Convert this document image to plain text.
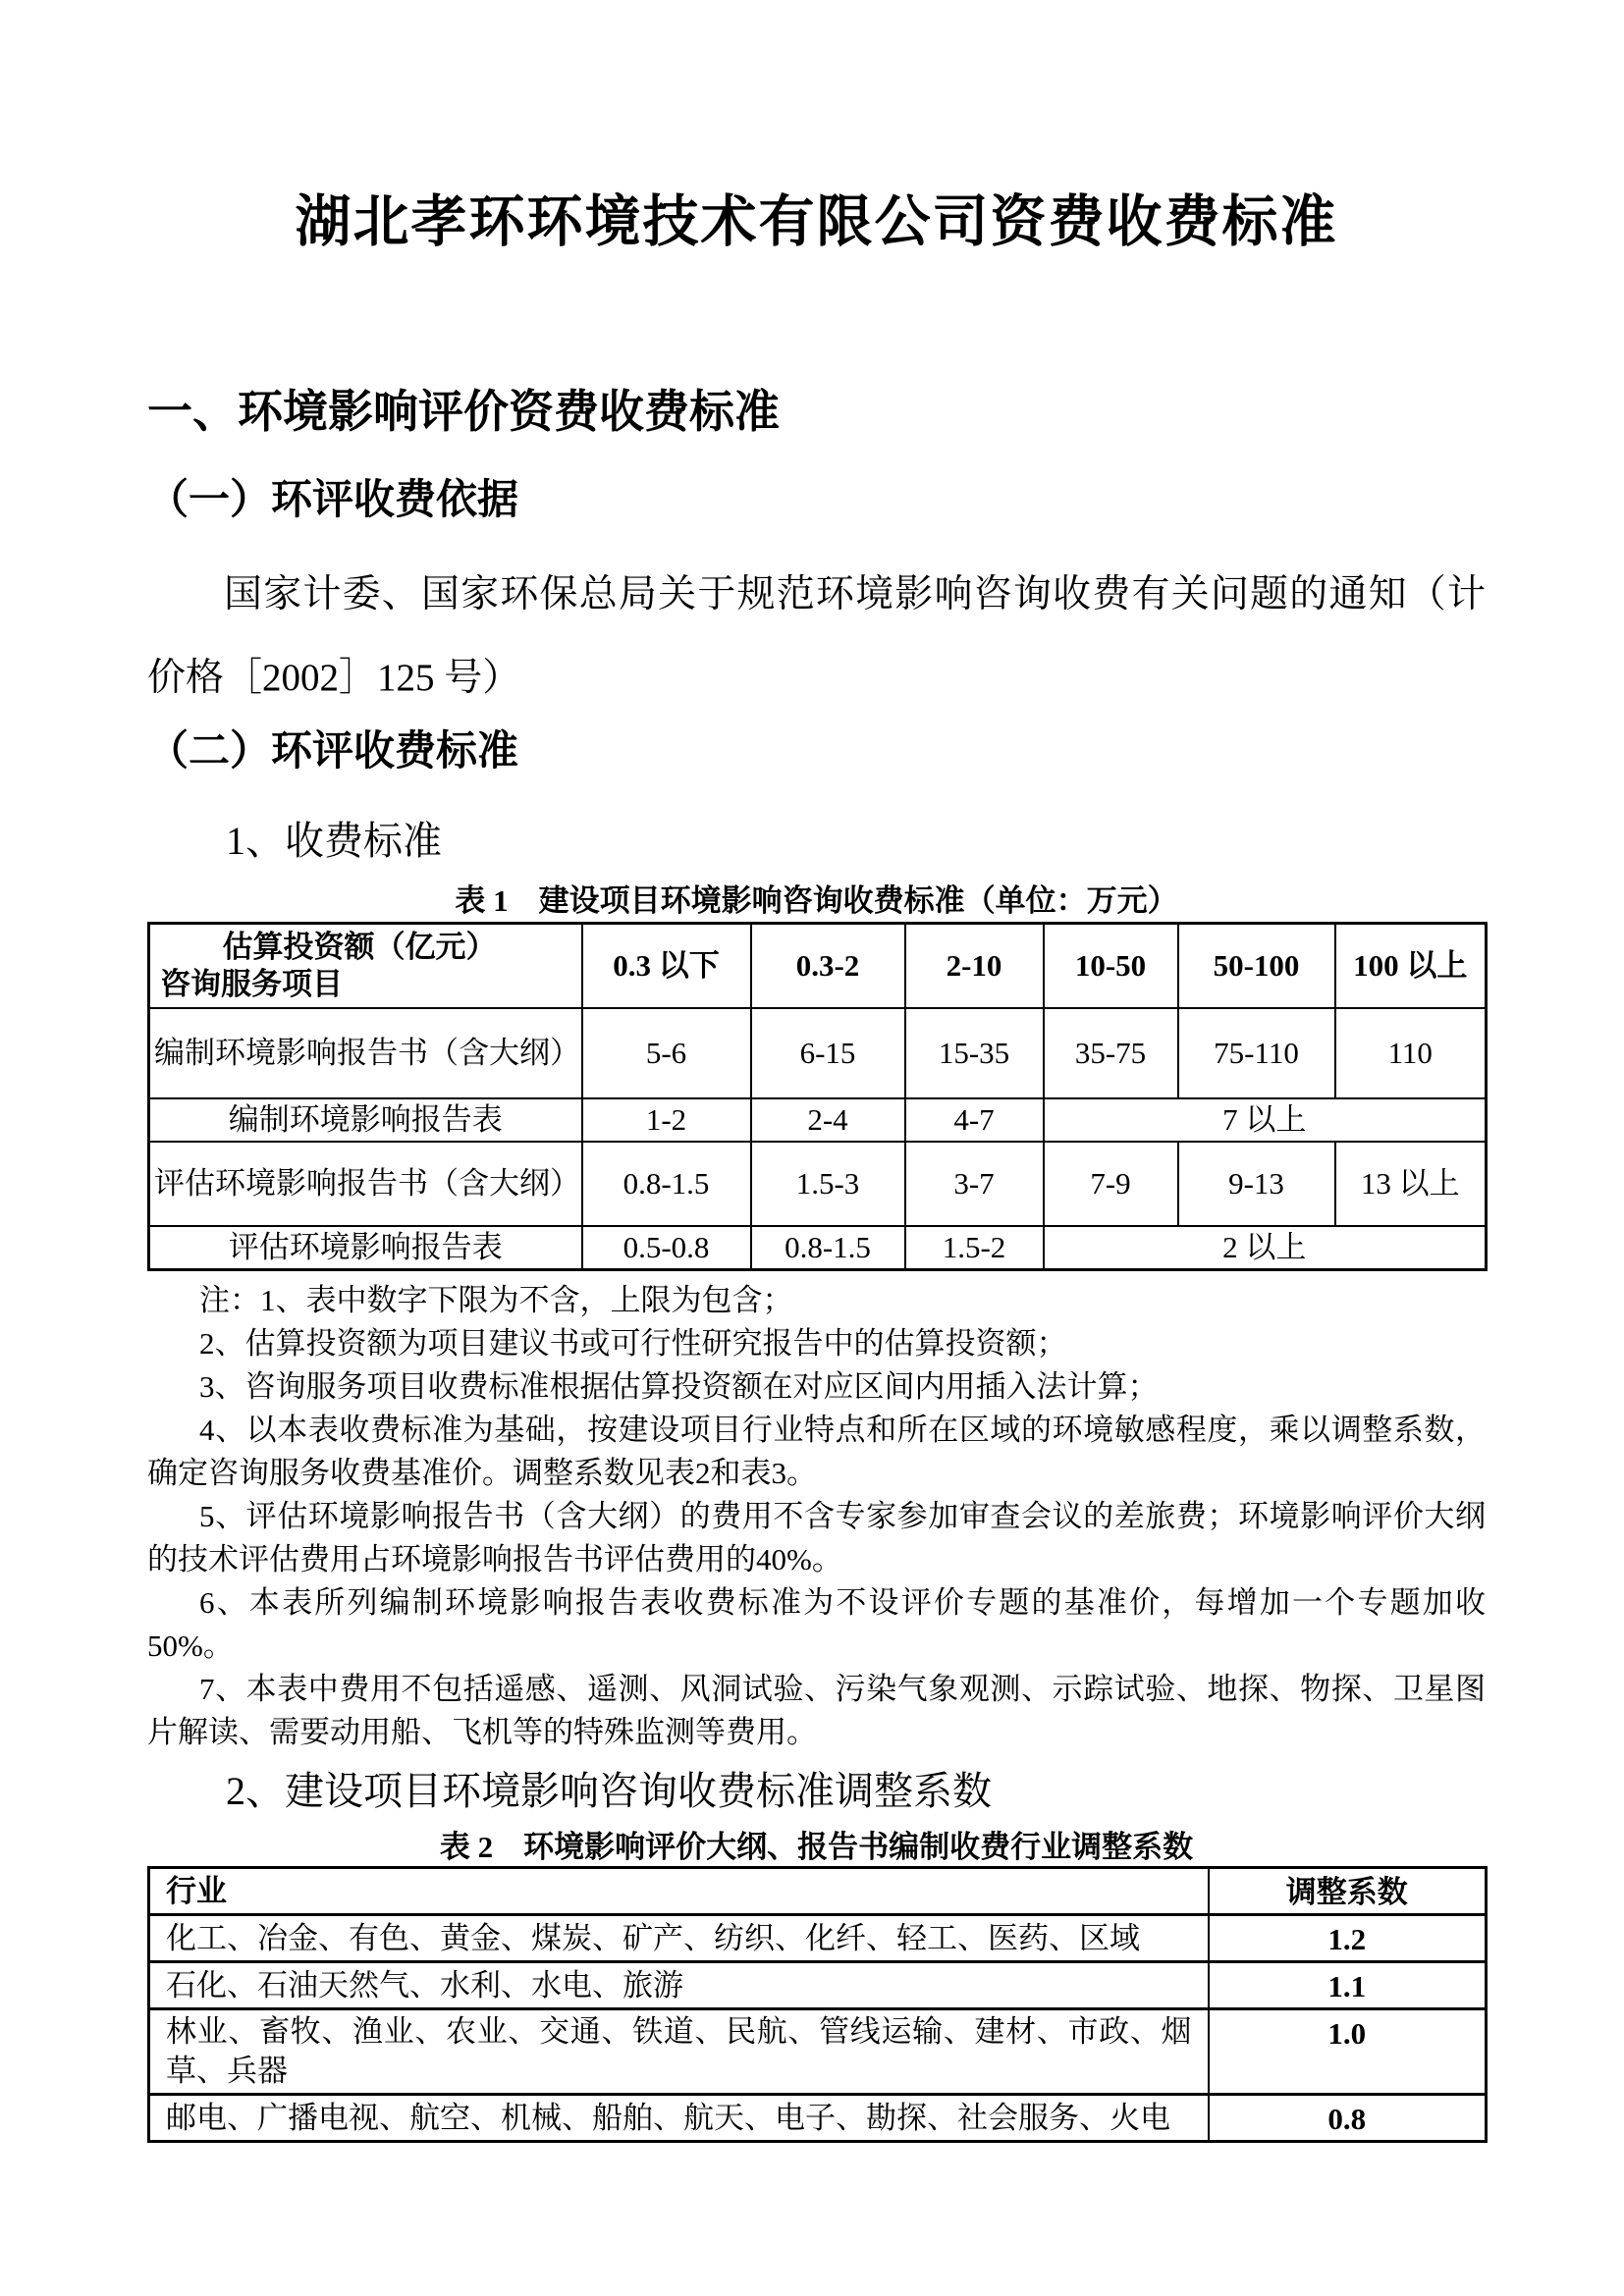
湖北孝环环境技术有限公司资费收费标准
一、环境影响评价资费收费标准
（一）环评收费依据

国家计委、国家环保总局关于规范环境影响咨询收费有关问题的通知（计价格［2002］125 号）

（二）环评收费标准
1、收费标准
表 1　建设项目环境影响咨询收费标准（单位：万元）
估算投资额（亿元）
咨询服务项目	0.3 以下	0.3-2	2-10	10-50	50-100	100 以上
编制环境影响报告书（含大纲）	5-6	6-15	15-35	35-75	75-110	110
编制环境影响报告表	1-2	2-4	4-7	7 以上		
评估环境影响报告书（含大纲）	0.8-1.5	1.5-3	3-7	7-9	9-13	13 以上
评估环境影响报告表	0.5-0.8	0.8-1.5	1.5-2	2 以上		

注：1、表中数字下限为不含，上限为包含；

2、估算投资额为项目建议书或可行性研究报告中的估算投资额；

3、咨询服务项目收费标准根据估算投资额在对应区间内用插入法计算；

4、以本表收费标准为基础，按建设项目行业特点和所在区域的环境敏感程度，乘以调整系数，确定咨询服务收费基准价。调整系数见表2和表3。

5、评估环境影响报告书（含大纲）的费用不含专家参加审查会议的差旅费；环境影响评价大纲的技术评估费用占环境影响报告书评估费用的40%。

6、本表所列编制环境影响报告表收费标准为不设评价专题的基准价，每增加一个专题加收50%。

7、本表中费用不包括遥感、遥测、风洞试验、污染气象观测、示踪试验、地探、物探、卫星图片解读、需要动用船、飞机等的特殊监测等费用。

2、建设项目环境影响咨询收费标准调整系数
表 2　环境影响评价大纲、报告书编制收费行业调整系数
行业	调整系数
化工、冶金、有色、黄金、煤炭、矿产、纺织、化纤、轻工、医药、区域	1.2
石化、石油天然气、水利、水电、旅游	1.1
林业、畜牧、渔业、农业、交通、铁道、民航、管线运输、建材、市政、烟草、兵器	1.0
邮电、广播电视、航空、机械、船舶、航天、电子、勘探、社会服务、火电	0.8
